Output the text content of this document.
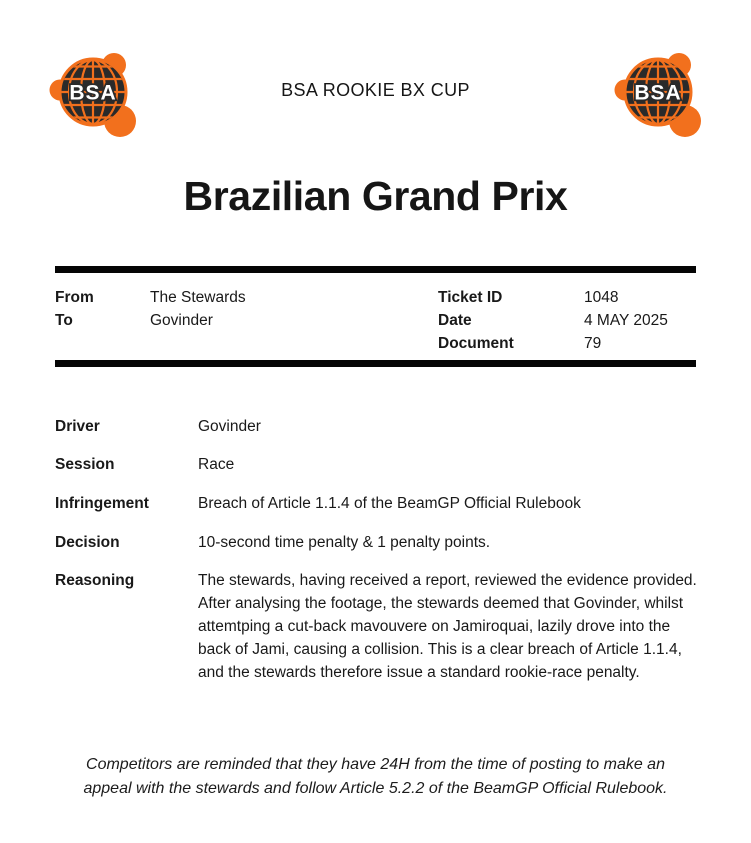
BSA ROOKIE BX CUP
Brazilian Grand Prix
From	The Stewards
To	Govinder
Ticket ID	1048
Date	4 MAY 2025
Document	79
Driver	Govinder
Session	Race
Infringement	Breach of Article 1.1.4 of the BeamGP Official Rulebook
Decision	10-second time penalty & 1 penalty points.
Reasoning	The stewards, having received a report, reviewed the evidence provided. After analysing the footage, the stewards deemed that Govinder, whilst attemtping a cut-back mavouvere on Jamiroquai, lazily drove into the back of Jami, causing a collision. This is a clear breach of Article 1.1.4, and the stewards therefore issue a standard rookie-race penalty.
Competitors are reminded that they have 24H from the time of posting to make an appeal with the stewards and follow Article 5.2.2 of the BeamGP Official Rulebook.
